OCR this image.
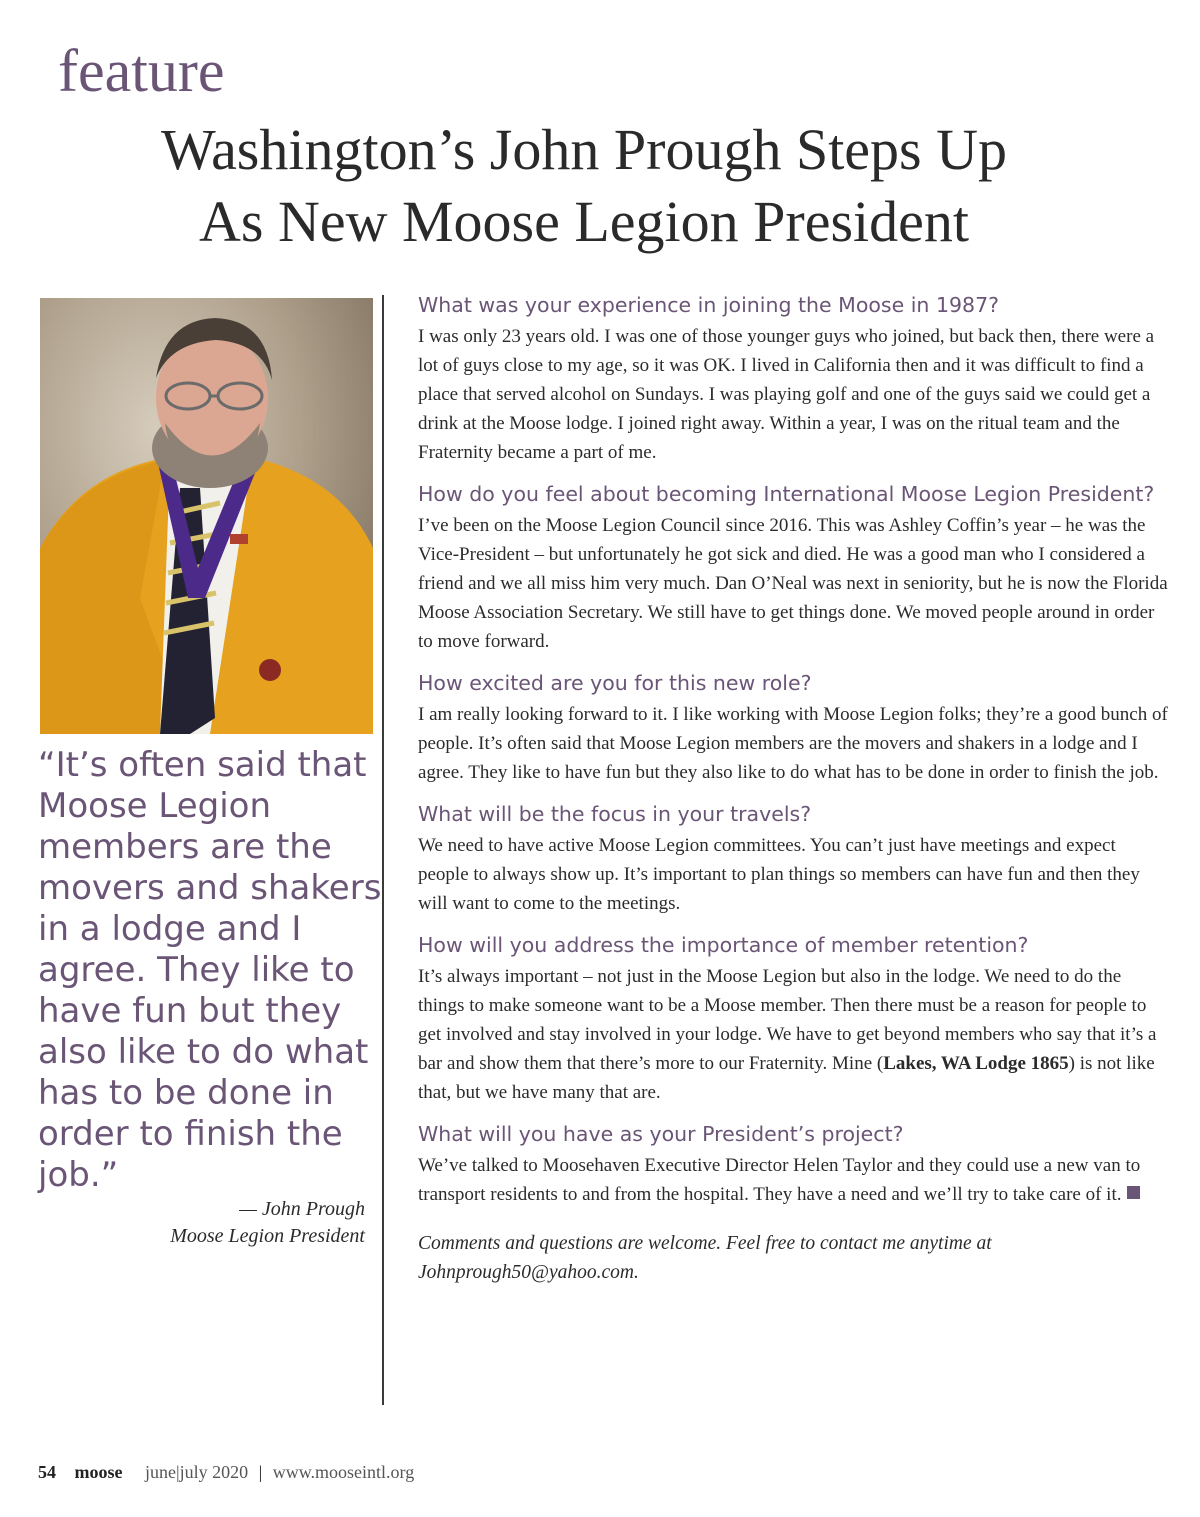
feature
Washington’s John Prough Steps Up
As New Moose Legion President

“It’s often said that Moose Legion members are the movers and shakers in a lodge and I agree. They like to have fun but they also like to do what has to be done in order to finish the job.”

— John Prough
Moose Legion President
What was your experience in joining the Moose in 1987?

I was only 23 years old. I was one of those younger guys who joined, but back then, there were a lot of guys close to my age, so it was OK. I lived in California then and it was difficult to find a place that served alcohol on Sundays. I was playing golf and one of the guys said we could get a drink at the Moose lodge. I joined right away. Within a year, I was on the ritual team and the Fraternity became a part of me.

How do you feel about becoming International Moose Legion President?

I’ve been on the Moose Legion Council since 2016. This was Ashley Coffin’s year – he was the Vice-President – but unfortunately he got sick and died. He was a good man who I considered a friend and we all miss him very much. Dan O’Neal was next in seniority, but he is now the Florida Moose Association Secretary. We still have to get things done. We moved people around in order to move forward.

How excited are you for this new role?

I am really looking forward to it. I like working with Moose Legion folks; they’re a good bunch of people. It’s often said that Moose Legion members are the movers and shakers in a lodge and I agree. They like to have fun but they also like to do what has to be done in order to finish the job.

What will be the focus in your travels?

We need to have active Moose Legion committees. You can’t just have meetings and expect people to always show up. It’s important to plan things so members can have fun and then they will want to come to the meetings.

How will you address the importance of member retention?

It’s always important – not just in the Moose Legion but also in the lodge. We need to do the things to make someone want to be a Moose member. Then there must be a reason for people to get involved and stay involved in your lodge. We have to get beyond members who say that it’s a bar and show them that there’s more to our Fraternity. Mine (Lakes, WA Lodge 1865) is not like that, but we have many that are.

What will you have as your President’s project?

We’ve talked to Moosehaven Executive Director Helen Taylor and they could use a new van to transport residents to and from the hospital. They have a need and we’ll try to take care of it.

Comments and questions are welcome. Feel free to contact me anytime at Johnprough50@yahoo.com.

54 moose june|july 2020 | www.mooseintl.org
